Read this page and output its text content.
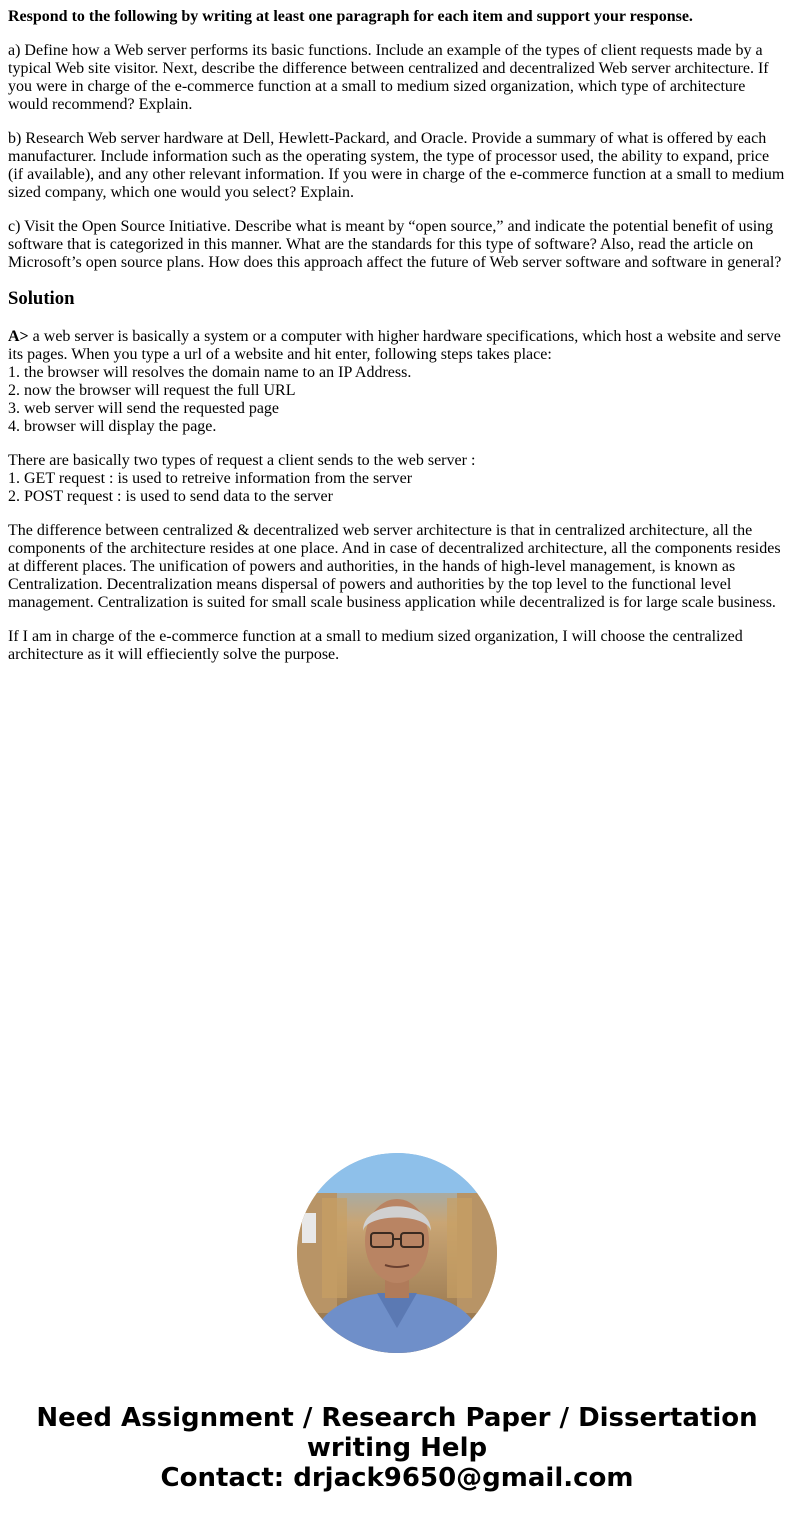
Respond to the following by writing at least one paragraph for each item and support your response.

a) Define how a Web server performs its basic functions. Include an example of the types of client requests made by a typical Web site visitor. Next, describe the difference between centralized and decentralized Web server architecture. If you were in charge of the e-commerce function at a small to medium sized organization, which type of architecture would recommend? Explain.

b) Research Web server hardware at Dell, Hewlett-Packard, and Oracle. Provide a summary of what is offered by each manufacturer. Include information such as the operating system, the type of processor used, the ability to expand, price (if available), and any other relevant information. If you were in charge of the e-commerce function at a small to medium sized company, which one would you select? Explain.

c) Visit the Open Source Initiative. Describe what is meant by “open source,” and indicate the potential benefit of using software that is categorized in this manner. What are the standards for this type of software? Also, read the article on Microsoft’s open source plans. How does this approach affect the future of Web server software and software in general?

Solution

A> a web server is basically a system or a computer with higher hardware specifications, which host a website and serve its pages. When you type a url of a website and hit enter, following steps takes place:
1. the browser will resolves the domain name to an IP Address.
2. now the browser will request the full URL
3. web server will send the requested page
4. browser will display the page.

There are basically two types of request a client sends to the web server :
1. GET request : is used to retreive information from the server
2. POST request : is used to send data to the server

The difference between centralized & decentralized web server architecture is that in centralized architecture, all the components of the architecture resides at one place. And in case of decentralized architecture, all the components resides at different places. The unification of powers and authorities, in the hands of high-level management, is known as Centralization. Decentralization means dispersal of powers and authorities by the top level to the functional level management. Centralization is suited for small scale business application while decentralized is for large scale business.

If I am in charge of the e-commerce function at a small to medium sized organization, I will choose the centralized architecture as it will effieciently solve the purpose.

Need Assignment / Research Paper / Dissertation
writing Help
Contact: drjack9650@gmail.com
